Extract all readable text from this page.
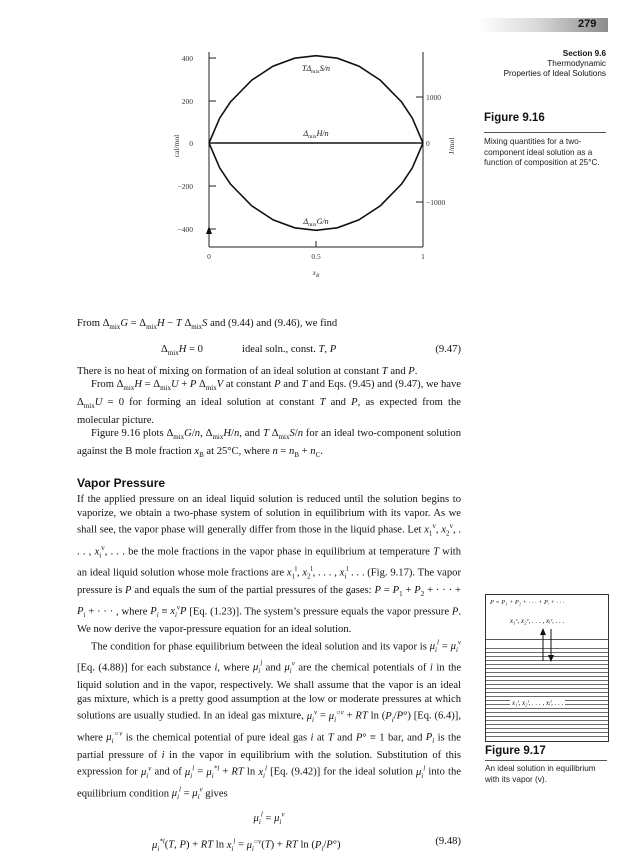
279
Section 9.6
Thermodynamic
Properties of Ideal Solutions
400
200
0
−200
−400
1000
0
−1000
0	0.5	1
cal/mol	J/mol
$x_B$
$T\Delta_{mix}S/n$
$\Delta_{mix}H/n$
$\Delta_{mix}G/n$
Figure 9.16
Mixing quantities for a two-
component ideal solution as a
function of composition at 25°C.

From $\Delta_{mix}G = \Delta_{mix}H - T$ $\Delta_{mix}S$ and (9.44) and (9.46), we find

$\Delta_{mix}H = 0$	ideal soln., const. T, P	(9.47)

There is no heat of mixing on formation of an ideal solution at constant T and P.

From $\Delta_{mix}H = \Delta_{mix}U + P$ $\Delta_{mix}V$ at constant P and T and Eqs. (9.45) and (9.47), we have $\Delta_{mix}U = 0$ for forming an ideal solution at constant T and P, as expected from the molecular picture.

Figure 9.16 plots $\Delta_{mix}G/n$, $\Delta_{mix}H/n$, and T $\Delta_{mix}S/n$ for an ideal two-component solution against the B mole fraction $x_B$ at 25°C, where $n = n_B + n_C$.

Vapor Pressure

If the applied pressure on an ideal liquid solution is reduced until the solution begins to vaporize, we obtain a two-phase system of solution in equilibrium with its vapor. As we shall see, the vapor phase will generally differ from those in the liquid phase. Let $x_1^v$, $x_2^v$, . . . , $x_i^v$, . . . be the mole fractions in the vapor phase in equilibrium at temperature T with an ideal liquid solution whose mole fractions are $x_1^l$, $x_2^l$, . . . , $x_i^l$ . . . (Fig. 9.17). The vapor pressure is P and equals the sum of the partial pressures of the gases: $P = P_1 + P_2$ + · · · + $P_i$ + · · · , where $P_i \equiv x_i^vP$ [Eq. (1.23)]. The system’s pressure equals the vapor pressure P. We now derive the vapor-pressure equation for an ideal solution.

The condition for phase equilibrium between the ideal solution and its vapor is $\mu_i^l = \mu_i^v$ [Eq. (4.88)] for each substance i, where $\mu_i^l$ and $\mu_i^v$ are the chemical potentials of i in the liquid solution and in the vapor, respectively. We shall assume that the vapor is an ideal gas mixture, which is a pretty good assumption at the low or moderate pressures at which solutions are usually studied. In an ideal gas mixture, $\mu_i^v = \mu_i^{○v}$ + RT $\ln (P_i/P^\circ)$ [Eq. (6.4)], where $\mu_i^{○v}$ is the chemical potential of pure ideal gas i at T and P° ≡ 1 bar, and $P_i$ is the partial pressure of i in the vapor in equilibrium with the solution. Substitution of this expression for $\mu_i^v$ and of $\mu_i^l = \mu_i^{*l}$ + RT $\ln x_i^l$ [Eq. (9.42)] for the ideal solution $\mu_i^l$ into the equilibrium condition $\mu_i^l = \mu_i^v$ gives

$\mu_i^l = \mu_i^v$
$\mu_i^{*l}(T$, P) + RT $\ln x_i^l = \mu_i^{○v}(T)$ + RT $\ln (P_i/P^\circ)$	(9.48)
P = P₁ + P₂ + · · · + Pᵢ + · · ·
x₁ᵛ, x₂ᵛ, . . . , xᵢᵛ, . . .
x₁ˡ, x₂ˡ, . . . , xᵢˡ, . . .
Figure 9.17
An ideal solution in equilibrium
with its vapor (v).
